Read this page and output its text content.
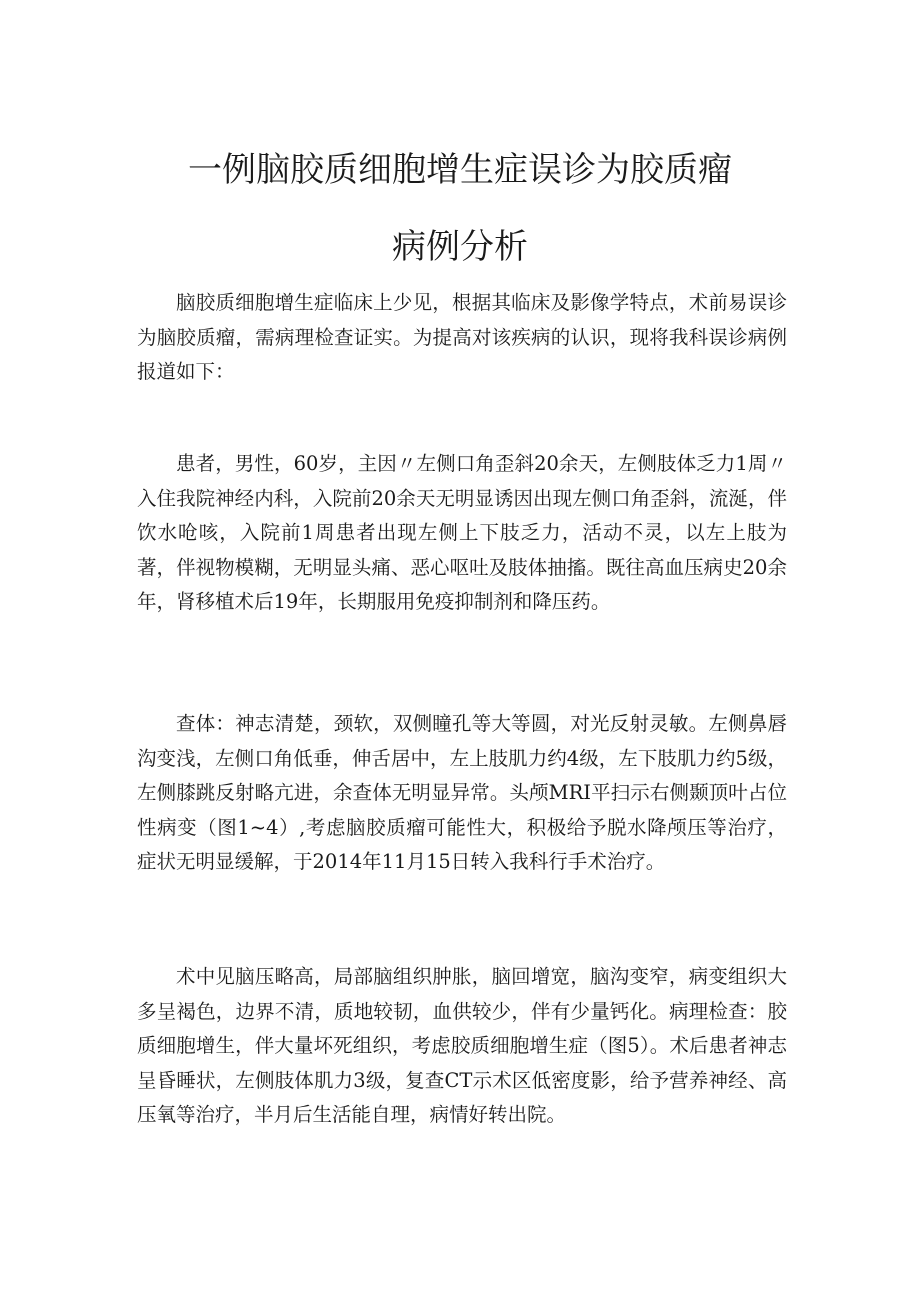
一例脑胶质细胞增生症误诊为胶质瘤
病例分析

脑胶质细胞增生症临床上少见，根据其临床及影像学特点，术前易误诊为脑胶质瘤，需病理检查证实。为提高对该疾病的认识，现将我科误诊病例报道如下：

患者，男性，60岁，主因〃左侧口角歪斜20余天，左侧肢体乏力1周〃入住我院神经内科，入院前20余天无明显诱因出现左侧口角歪斜，流涎，伴饮水呛咳，入院前1周患者出现左侧上下肢乏力，活动不灵，以左上肢为著，伴视物模糊，无明显头痛、恶心呕吐及肢体抽搐。既往高血压病史20余年，肾移植术后19年，长期服用免疫抑制剂和降压药。

查体：神志清楚，颈软，双侧瞳孔等大等圆，对光反射灵敏。左侧鼻唇沟变浅，左侧口角低垂，伸舌居中，左上肢肌力约4级，左下肢肌力约5级，左侧膝跳反射略亢进，余查体无明显异常。头颅MRI平扫示右侧颞顶叶占位性病变（图1~4）,考虑脑胶质瘤可能性大，积极给予脱水降颅压等治疗，症状无明显缓解，于2014年11月15日转入我科行手术治疗。

术中见脑压略高，局部脑组织肿胀，脑回增宽，脑沟变窄，病变组织大多呈褐色，边界不清，质地较韧，血供较少，伴有少量钙化。病理检查：胶质细胞增生，伴大量坏死组织，考虑胶质细胞增生症（图5）。术后患者神志呈昏睡状，左侧肢体肌力3级，复查CT示术区低密度影，给予营养神经、高压氧等治疗，半月后生活能自理，病情好转出院。
